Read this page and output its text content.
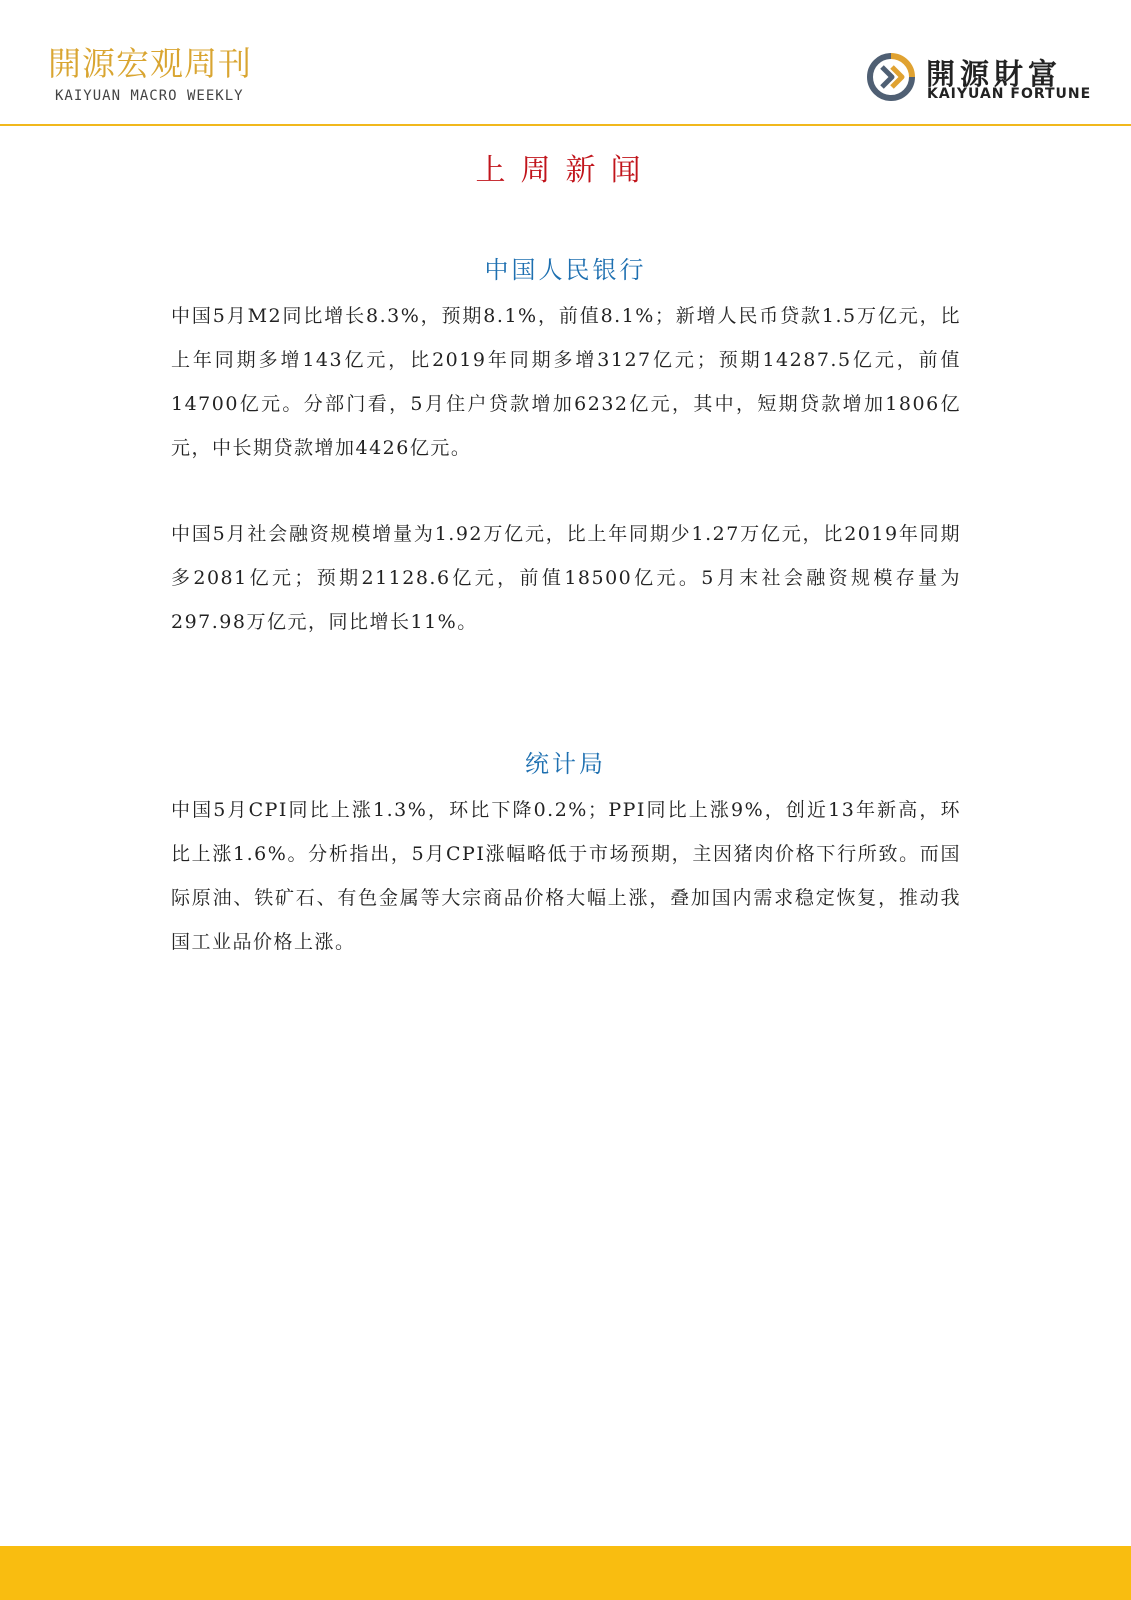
開源宏观周刊
KAIYUAN MACRO WEEKLY
開源財富
KAIYUAN FORTUNE
上周新闻
中国人民银行

中国5月M2同比增长8.3%，预期8.1%，前值8.1%；新增人民币贷款1.5万亿元，比上年同期多增143亿元，比2019年同期多增3127亿元；预期14287.5亿元，前值14700亿元。分部门看，5月住户贷款增加6232亿元，其中，短期贷款增加1806亿元，中长期贷款增加4426亿元。

中国5月社会融资规模增量为1.92万亿元，比上年同期少1.27万亿元，比2019年同期多2081亿元；预期21128.6亿元，前值18500亿元。5月末社会融资规模存量为297.98万亿元，同比增长11%。

统计局

中国5月CPI同比上涨1.3%，环比下降0.2%；PPI同比上涨9%，创近13年新高，环比上涨1.6%。分析指出，5月CPI涨幅略低于市场预期，主因猪肉价格下行所致。而国际原油、铁矿石、有色金属等大宗商品价格大幅上涨，叠加国内需求稳定恢复，推动我国工业品价格上涨。
